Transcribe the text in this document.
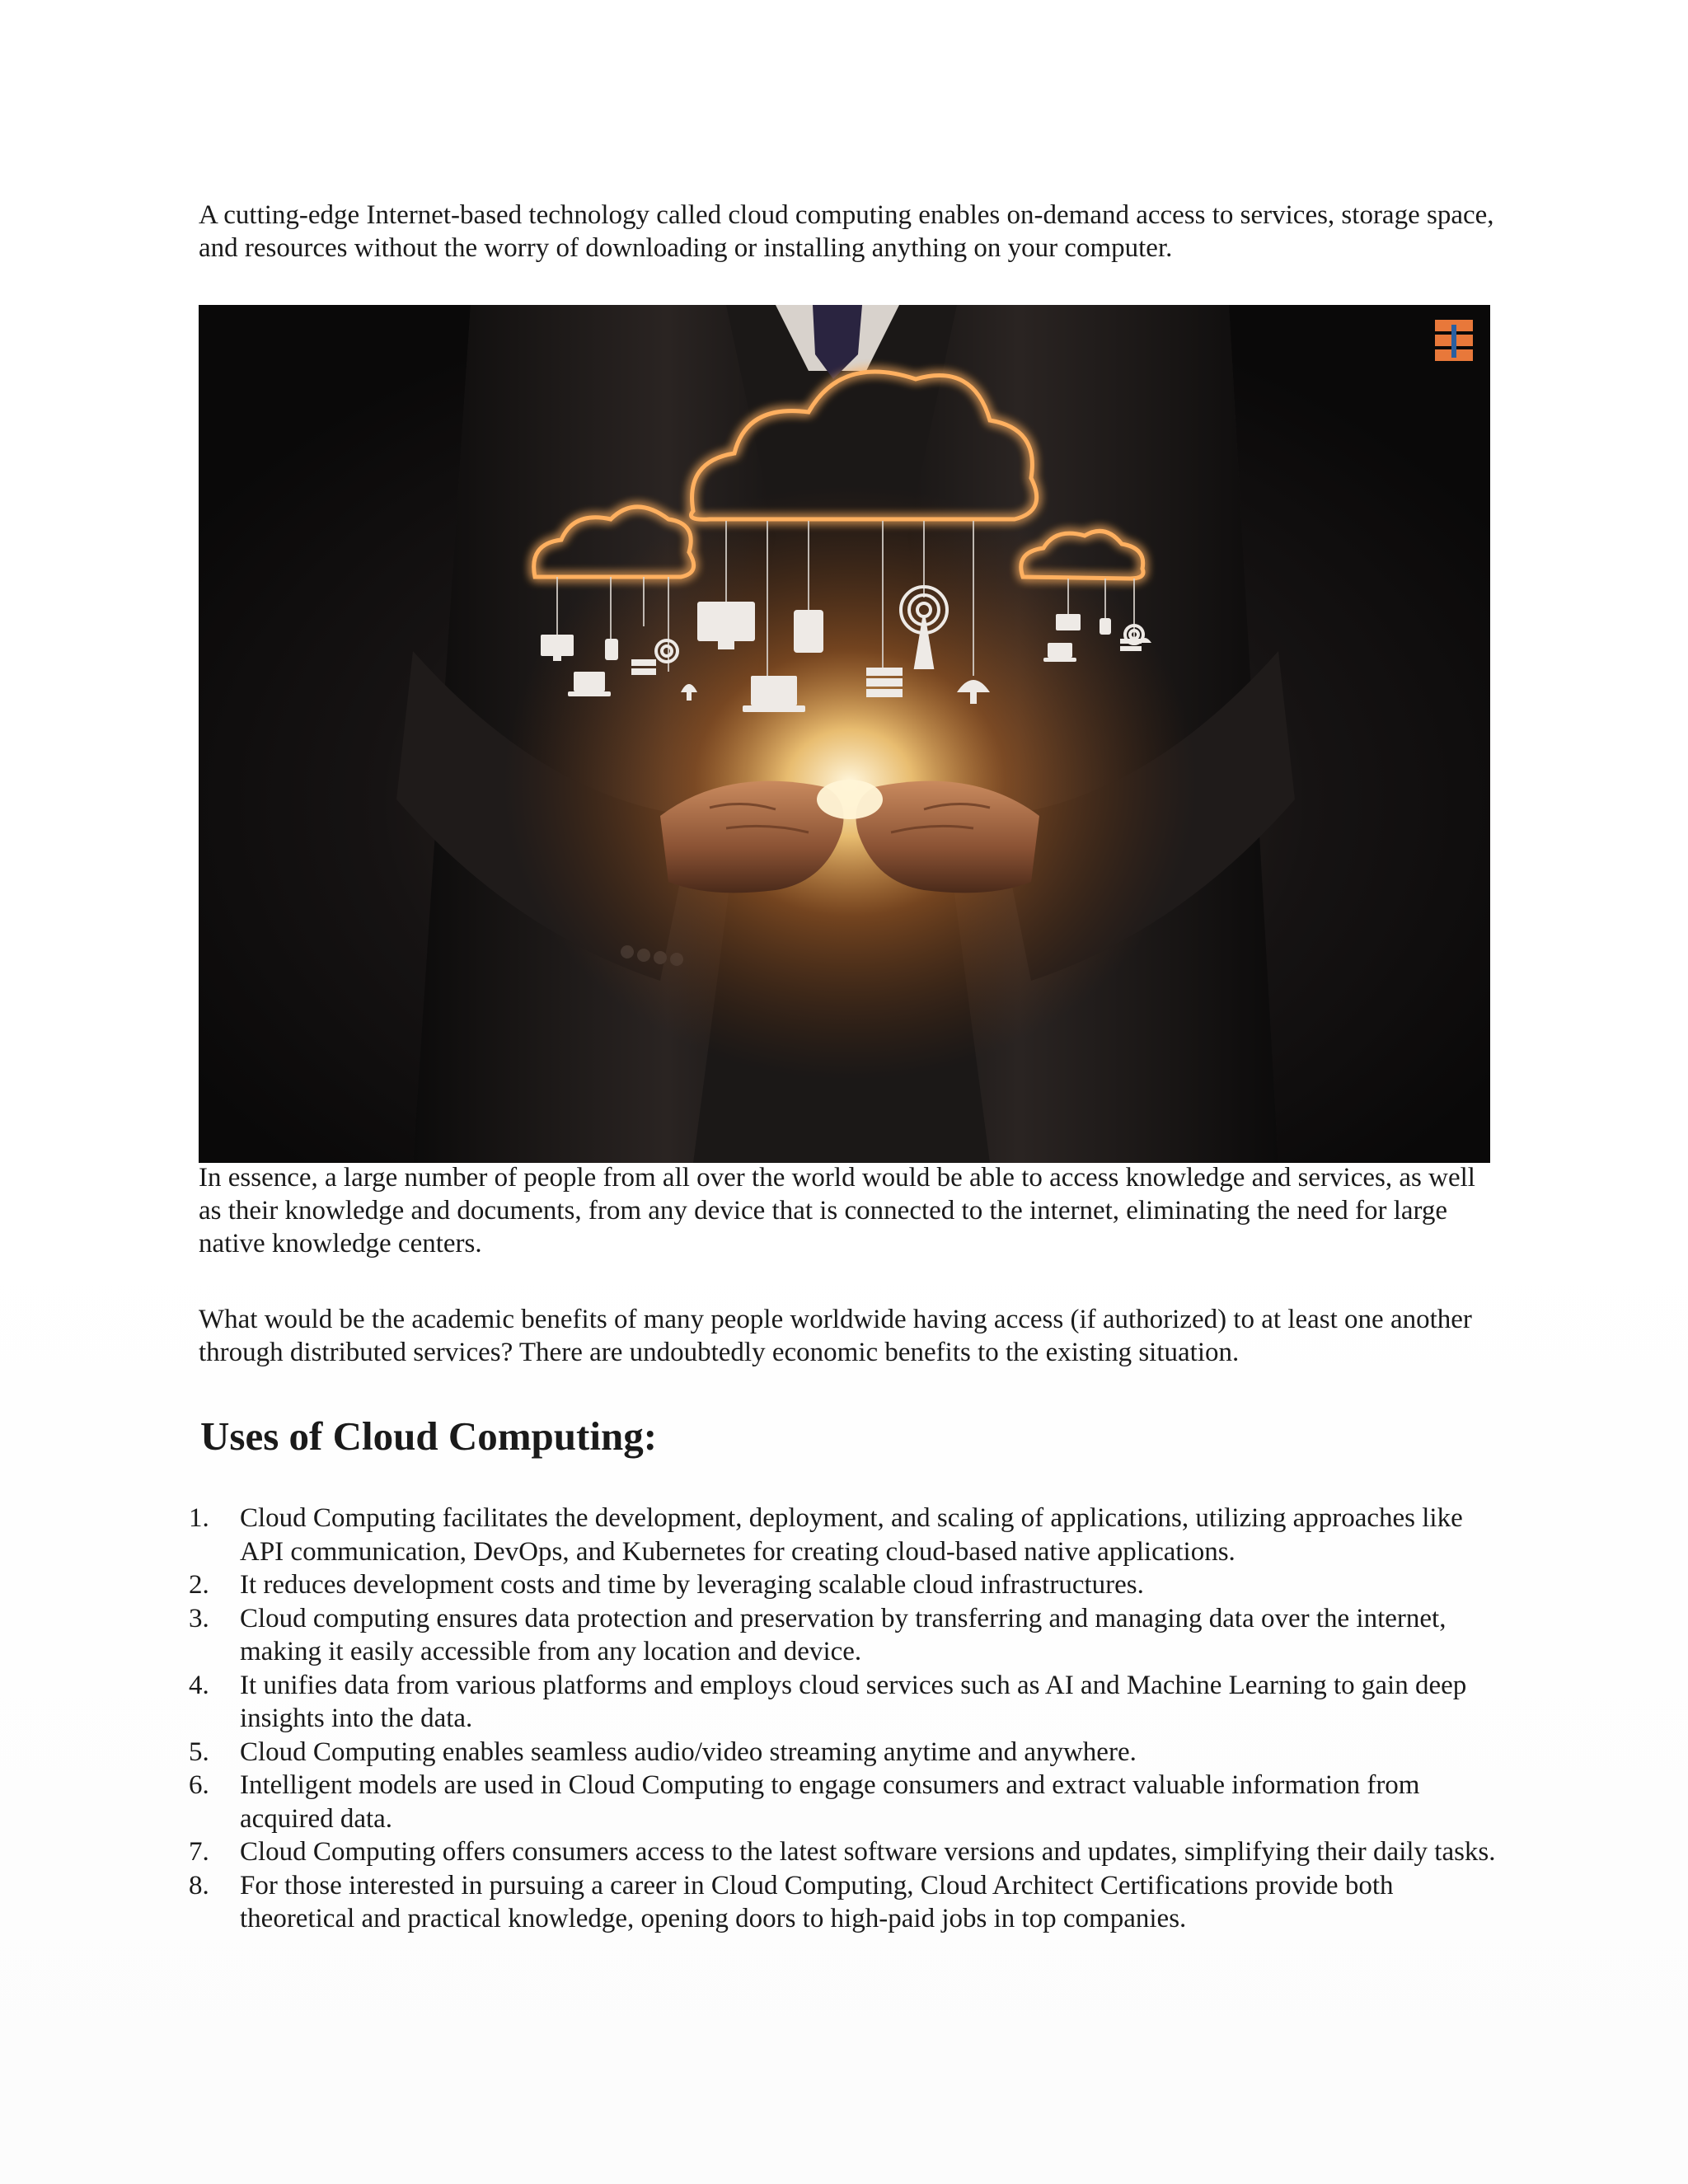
A cutting-edge Internet-based technology called cloud computing enables on-demand access to services, storage space, and resources without the worry of downloading or installing anything on your computer.

In essence, a large number of people from all over the world would be able to access knowledge and services, as well as their knowledge and documents, from any device that is connected to the internet, eliminating the need for large native knowledge centers.

What would be the academic benefits of many people worldwide having access (if authorized) to at least one another through distributed services? There are undoubtedly economic benefits to the existing situation.

Uses of Cloud Computing:
1. Cloud Computing facilitates the development, deployment, and scaling of applications, utilizing approaches like API communication, DevOps, and Kubernetes for creating cloud-based native applications.
2. It reduces development costs and time by leveraging scalable cloud infrastructures.
3. Cloud computing ensures data protection and preservation by transferring and managing data over the internet, making it easily accessible from any location and device.
4. It unifies data from various platforms and employs cloud services such as AI and Machine Learning to gain deep insights into the data.
5. Cloud Computing enables seamless audio/video streaming anytime and anywhere.
6. Intelligent models are used in Cloud Computing to engage consumers and extract valuable information from acquired data.
7. Cloud Computing offers consumers access to the latest software versions and updates, simplifying their daily tasks.
8. For those interested in pursuing a career in Cloud Computing, Cloud Architect Certifications provide both theoretical and practical knowledge, opening doors to high-paid jobs in top companies.
